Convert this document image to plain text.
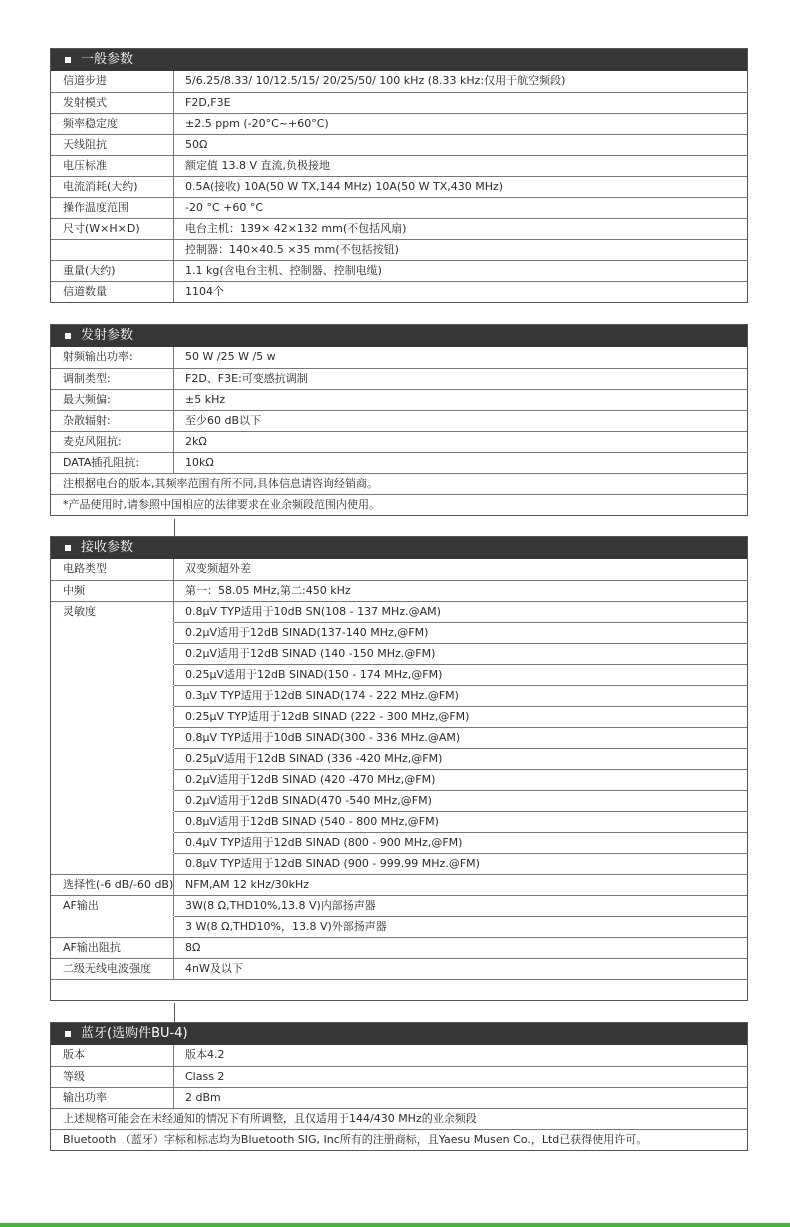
一般参数
信道步进	5/6.25/8.33/ 10/12.5/15/ 20/25/50/ 100 kHz (8.33 kHz:仅用于航空频段)
发射模式	F2D,F3E
频率稳定度	±2.5 ppm (-20°C~+60°C)
天线阻抗	50Ω
电压标准	额定值 13.8 V 直流,负极接地
电流消耗(大约)	0.5A(接收) 10A(50 W TX,144 MHz) 10A(50 W TX,430 MHz)
操作温度范围	-20 °C +60 °C
尺寸(W×H×D)	电台主机：139× 42×132 mm(不包括风扇)
控制器：140×40.5 ×35 mm(不包括按钮)
重量(大约)	1.1 kg(含电台主机、控制器、控制电缆)
信道数量	1104个
发射参数
射频输出功率:	50 W /25 W /5 w
调制类型:	F2D、F3E:可变感抗调制
最大频偏:	±5 kHz
杂散辐射:	至少60 dB以下
麦克风阻抗:	2kΩ
DATA插孔阻抗:	10kΩ
注根据电台的版本,其频率范围有所不同,具体信息请咨询经销商。
*产品使用时,请参照中国相应的法律要求在业余频段范围内使用。
接收参数
电路类型	双变频超外差
中频	第一：58.05 MHz,第二:450 kHz
灵敏度	0.8μV TYP适用于10dB SN(108 - 137 MHz.@AM)
0.2μV适用于12dB SINAD(137-140 MHz,@FM)
0.2μV适用于12dB SINAD (140 -150 MHz.@FM)
0.25μV适用于12dB SINAD(150 - 174 MHz,@FM)
0.3μV TYP适用于12dB SINAD(174 - 222 MHz.@FM)
0.25μV TYP适用于12dB SINAD (222 - 300 MHz,@FM)
0.8μV TYP适用于10dB SINAD(300 - 336 MHz.@AM)
0.25μV适用于12dB SINAD (336 -420 MHz,@FM)
0.2μV适用于12dB SINAD (420 -470 MHz,@FM)
0.2μV适用于12dB SINAD(470 -540 MHz,@FM)
0.8μV适用于12dB SINAD (540 - 800 MHz,@FM)
0.4μV TYP适用于12dB SINAD (800 - 900 MHz,@FM)
0.8μV TYP适用于12dB SINAD (900 - 999.99 MHz.@FM)
选择性(-6 dB/-60 dB)	NFM,AM 12 kHz/30kHz
AF输出	3W(8 Ω,THD10%,13.8 V)内部扬声器
3 W(8 Ω,THD10%，13.8 V)外部扬声器
AF输出阻抗	8Ω
二级无线电波强度	4nW及以下
蓝牙(选购件BU-4)
版本	版本4.2
等级	Class 2
输出功率	2 dBm
上述规格可能会在未经通知的情况下有所调整，且仅适用于144/430 MHz的业余频段
Bluetooth （蓝牙）字标和标志均为Bluetooth SIG, Inc所有的注册商标，且Yaesu Musen Co.，Ltd已获得使用许可。
